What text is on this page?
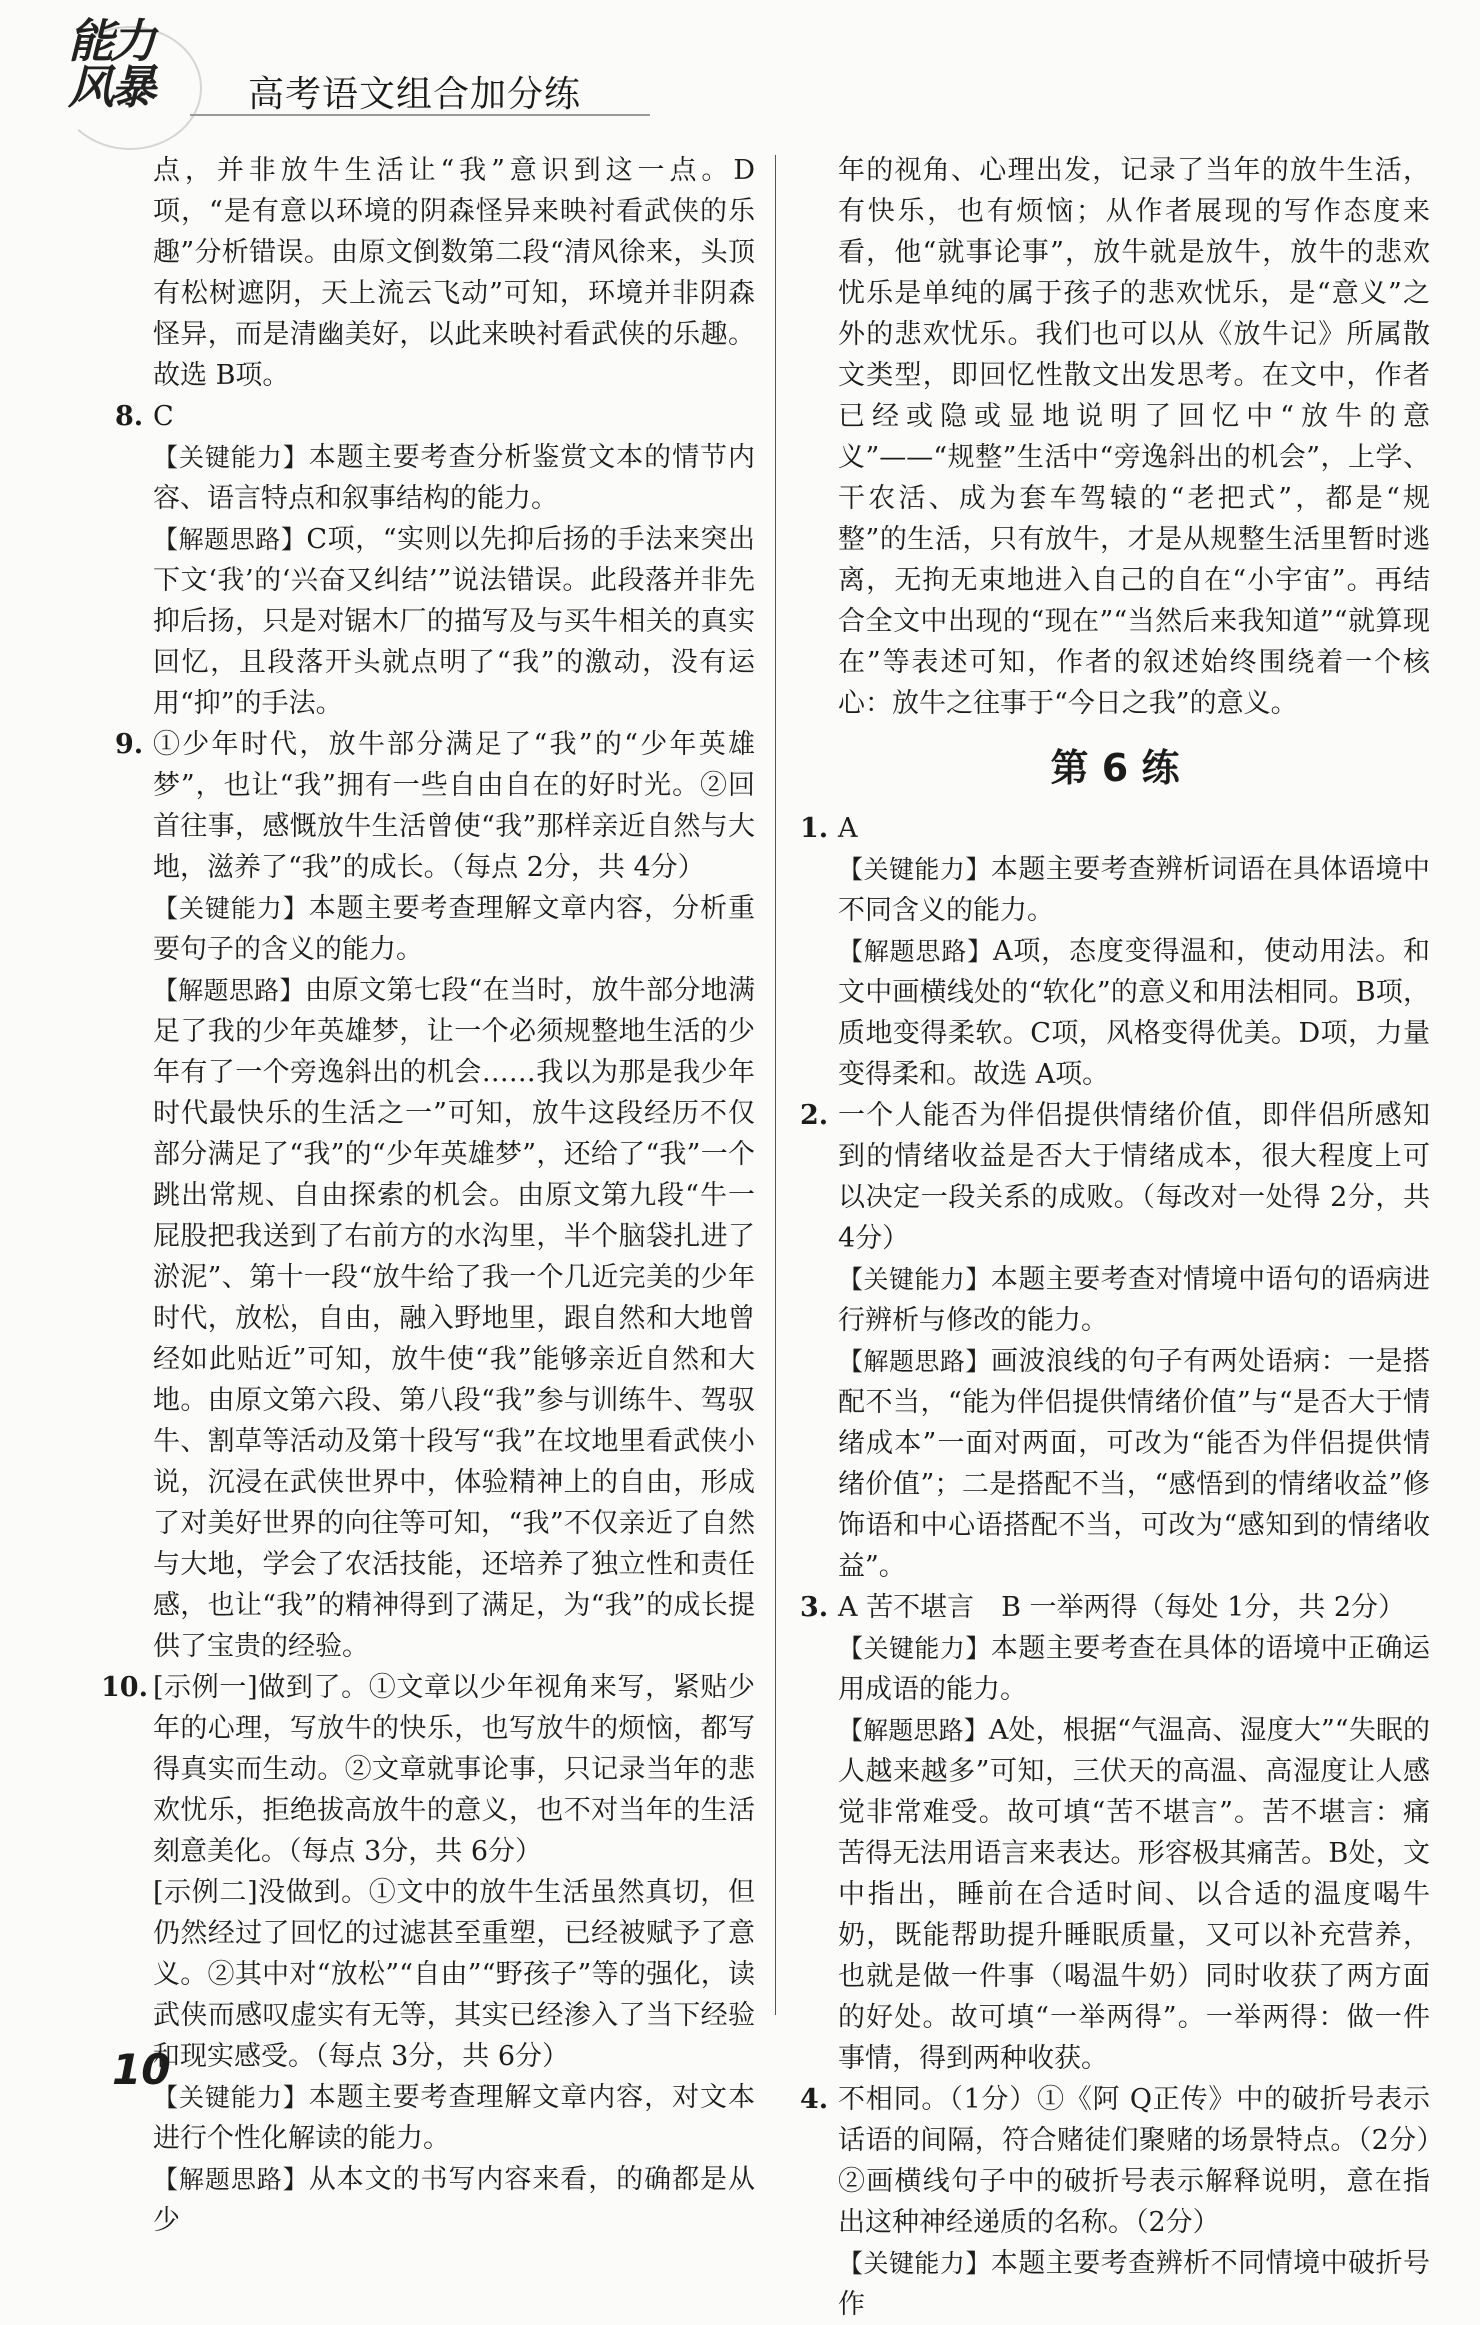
能力风暴	高考语文组合加分练

点，并非放牛生活让“我”意识到这一点。D项，“是有意以环境的阴森怪异来映衬看武侠的乐趣”分析错误。由原文倒数第二段“清风徐来，头顶有松树遮阴，天上流云飞动”可知，环境并非阴森怪异，而是清幽美好，以此来映衬看武侠的乐趣。故选 B项。

8. C

【关键能力】本题主要考查分析鉴赏文本的情节内容、语言特点和叙事结构的能力。

【解题思路】C项，“实则以先抑后扬的手法来突出下文‘我’的‘兴奋又纠结’”说法错误。此段落并非先抑后扬，只是对锯木厂的描写及与买牛相关的真实回忆，且段落开头就点明了“我”的激动，没有运用“抑”的手法。

9. ①少年时代，放牛部分满足了“我”的“少年英雄梦”，也让“我”拥有一些自由自在的好时光。②回首往事，感慨放牛生活曾使“我”那样亲近自然与大地，滋养了“我”的成长。（每点 2分，共 4分）

【关键能力】本题主要考查理解文章内容，分析重要句子的含义的能力。

【解题思路】由原文第七段“在当时，放牛部分地满足了我的少年英雄梦，让一个必须规整地生活的少年有了一个旁逸斜出的机会……我以为那是我少年时代最快乐的生活之一”可知，放牛这段经历不仅部分满足了“我”的“少年英雄梦”，还给了“我”一个跳出常规、自由探索的机会。由原文第九段“牛一屁股把我送到了右前方的水沟里，半个脑袋扎进了淤泥”、第十一段“放牛给了我一个几近完美的少年时代，放松，自由，融入野地里，跟自然和大地曾经如此贴近”可知，放牛使“我”能够亲近自然和大地。由原文第六段、第八段“我”参与训练牛、驾驭牛、割草等活动及第十段写“我”在坟地里看武侠小说，沉浸在武侠世界中，体验精神上的自由，形成了对美好世界的向往等可知，“我”不仅亲近了自然与大地，学会了农活技能，还培养了独立性和责任感，也让“我”的精神得到了满足，为“我”的成长提供了宝贵的经验。

10. [示例一]做到了。①文章以少年视角来写，紧贴少年的心理，写放牛的快乐，也写放牛的烦恼，都写得真实而生动。②文章就事论事，只记录当年的悲欢忧乐，拒绝拔高放牛的意义，也不对当年的生活刻意美化。（每点 3分，共 6分）

[示例二]没做到。①文中的放牛生活虽然真切，但仍然经过了回忆的过滤甚至重塑，已经被赋予了意义。②其中对“放松”“自由”“野孩子”等的强化，读武侠而感叹虚实有无等，其实已经渗入了当下经验和现实感受。（每点 3分，共 6分）

【关键能力】本题主要考查理解文章内容，对文本进行个性化解读的能力。

【解题思路】从本文的书写内容来看，的确都是从少

年的视角、心理出发，记录了当年的放牛生活，有快乐，也有烦恼；从作者展现的写作态度来看，他“就事论事”，放牛就是放牛，放牛的悲欢忧乐是单纯的属于孩子的悲欢忧乐，是“意义”之外的悲欢忧乐。我们也可以从《放牛记》所属散文类型，即回忆性散文出发思考。在文中，作者已经或隐或显地说明了回忆中“放牛的意义”——“规整”生活中“旁逸斜出的机会”，上学、干农活、成为套车驾辕的“老把式”，都是“规整”的生活，只有放牛，才是从规整生活里暂时逃离，无拘无束地进入自己的自在“小宇宙”。再结合全文中出现的“现在”“当然后来我知道”“就算现在”等表述可知，作者的叙述始终围绕着一个核心：放牛之往事于“今日之我”的意义。

第 6 练
1. A

【关键能力】本题主要考查辨析词语在具体语境中不同含义的能力。

【解题思路】A项，态度变得温和，使动用法。和文中画横线处的“软化”的意义和用法相同。B项，质地变得柔软。C项，风格变得优美。D项，力量变得柔和。故选 A项。

2. 一个人能否为伴侣提供情绪价值，即伴侣所感知到的情绪收益是否大于情绪成本，很大程度上可以决定一段关系的成败。（每改对一处得 2分，共 4分）

【关键能力】本题主要考查对情境中语句的语病进行辨析与修改的能力。

【解题思路】画波浪线的句子有两处语病：一是搭配不当，“能为伴侣提供情绪价值”与“是否大于情绪成本”一面对两面，可改为“能否为伴侣提供情绪价值”；二是搭配不当，“感悟到的情绪收益”修饰语和中心语搭配不当，可改为“感知到的情绪收益”。

3. A 苦不堪言　B 一举两得（每处 1分，共 2分）

【关键能力】本题主要考查在具体的语境中正确运用成语的能力。

【解题思路】A处，根据“气温高、湿度大”“失眠的人越来越多”可知，三伏天的高温、高湿度让人感觉非常难受。故可填“苦不堪言”。苦不堪言：痛苦得无法用语言来表达。形容极其痛苦。B处，文中指出，睡前在合适时间、以合适的温度喝牛奶，既能帮助提升睡眠质量，又可以补充营养，也就是做一件事（喝温牛奶）同时收获了两方面的好处。故可填“一举两得”。一举两得：做一件事情，得到两种收获。

4. 不相同。（1分）①《阿 Q正传》中的破折号表示话语的间隔，符合赌徒们聚赌的场景特点。（2分）②画横线句子中的破折号表示解释说明，意在指出这种神经递质的名称。（2分）

【关键能力】本题主要考查辨析不同情境中破折号作

10
